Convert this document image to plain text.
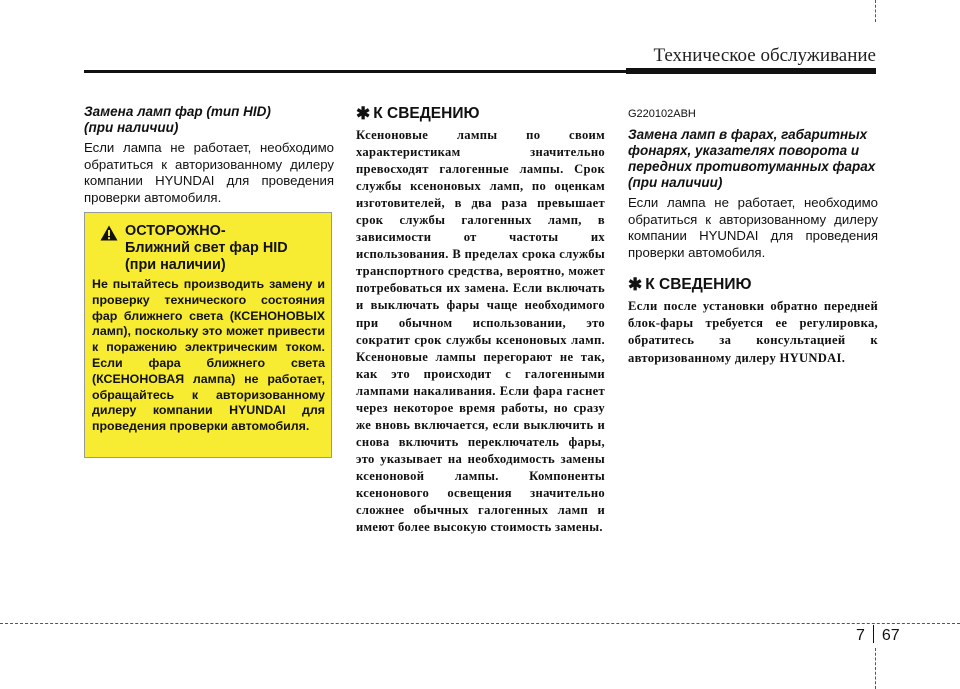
Техническое обслуживание

Замена ламп фар (тип HID)

(при наличии)

Если лампа не работает, необходимо обратиться к авторизованному дилеру компании HYUNDAI для проведения проверки автомобиля.

ОСТОРОЖНО-
Ближний свет фар HID
(при наличии)

Не пытайтесь производить замену и проверку технического состояния фар ближнего света (КСЕНОНОВЫХ ламп), поскольку это может привести к поражению электрическим током. Если фара ближнего света (КСЕНОНОВАЯ лампа) не работает, обращайтесь к авторизованному дилеру компании HYUNDAI для проведения проверки автомобиля.

✱ К СВЕДЕНИЮ

Ксеноновые лампы по своим характеристикам значительно превосходят галогенные лампы. Срок службы ксеноновых ламп, по оценкам изготовителей, в два раза превышает срок службы галогенных ламп, в зависимости от частоты их использования. В пределах срока службы транспортного средства, вероятно, может потребоваться их замена. Если включать и выключать фары чаще необходимого при обычном использовании, это сократит срок службы ксеноновых ламп. Ксеноновые лампы перегорают не так, как это происходит с галогенными лампами накаливания. Если фара гаснет через некоторое время работы, но сразу же вновь включается, если выключить и снова включить переключатель фары, это указывает на необходимость замены ксеноновой лампы. Компоненты ксенонового освещения значительно сложнее обычных галогенных ламп и имеют более высокую стоимость замены.

G220102ABH

Замена ламп в фарах, габаритных фонарях, указателях поворота и передних противотуманных фарах (при наличии)

Если лампа не работает, необходимо обратиться к авторизованному дилеру компании HYUNDAI для проведения проверки автомобиля.

✱ К СВЕДЕНИЮ

Если после установки обратно передней блок-фары требуется ее регулировка, обратитесь за консультацией к авторизованному дилеру HYUNDAI.

7 67
